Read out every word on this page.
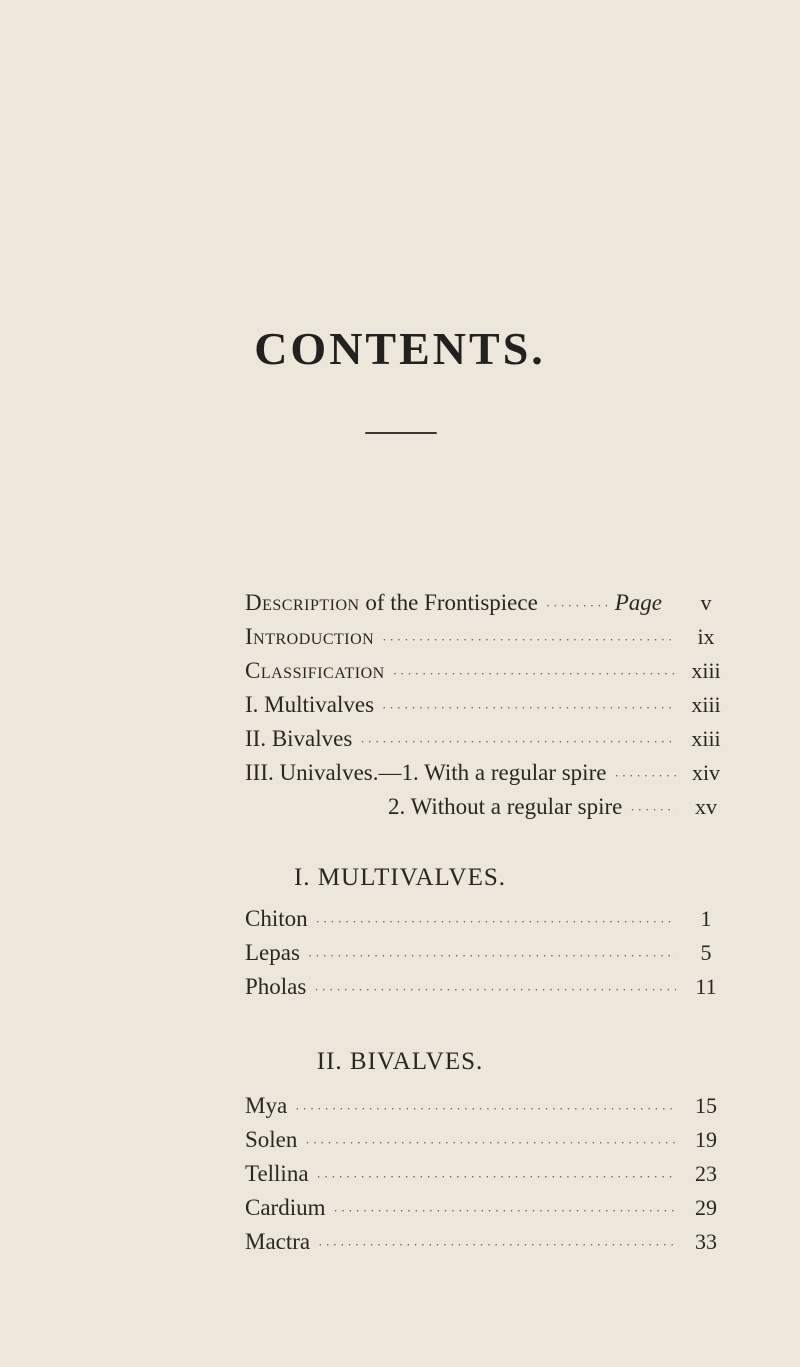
CONTENTS.
Description of the Frontispiece ·····	Page	v
Introduction ·····	ix
Classification ·····	xiii
I. Multivalves ·····	xiii
II. Bivalves ·····	xiii
III. Univalves.—1. With a regular spire ·····	xiv
2. Without a regular spire ·····	xv
I. MULTIVALVES.
Chiton ·····	1
Lepas ·····	5
Pholas ·····	11
II. BIVALVES.
Mya ·····	15
Solen ·····	19
Tellina ·····	23
Cardium ·····	29
Mactra ·····	33
